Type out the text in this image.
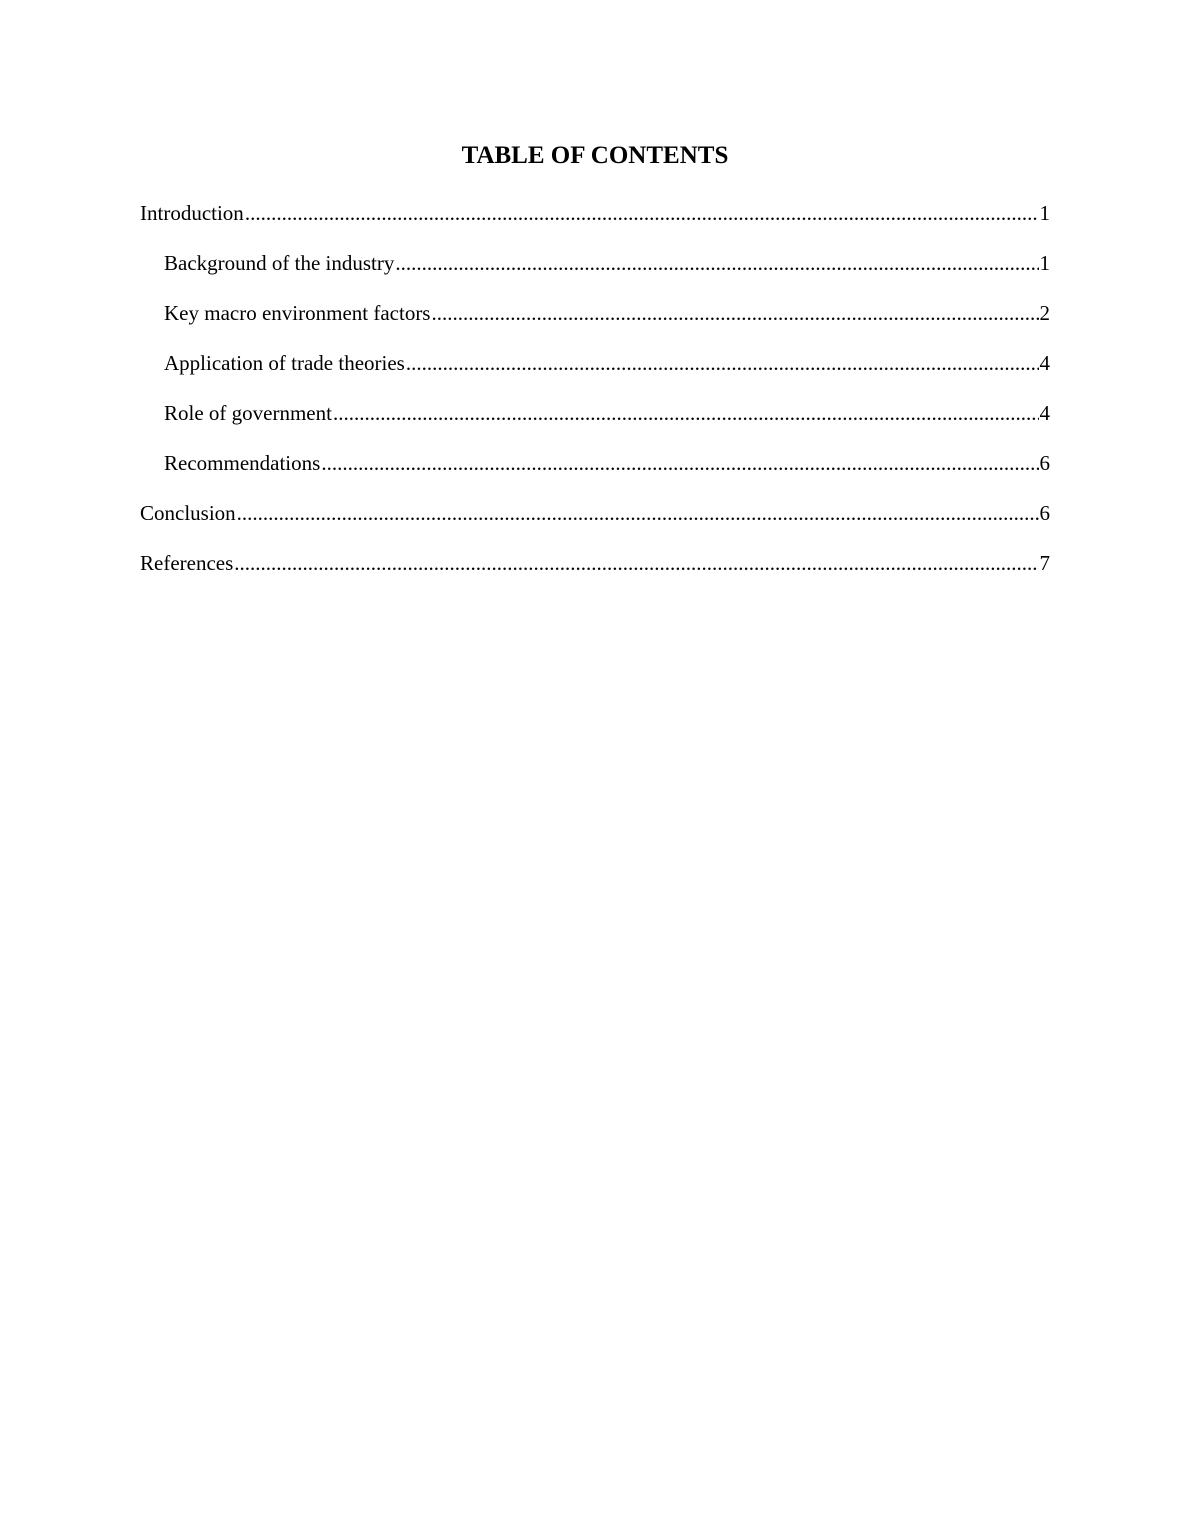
TABLE OF CONTENTS
Introduction .....	1
Background of the industry .....	1
Key macro environment factors .....	2
Application of trade theories .....	4
Role of government .....	4
Recommendations .....	6
Conclusion .....	6
References .....	7
